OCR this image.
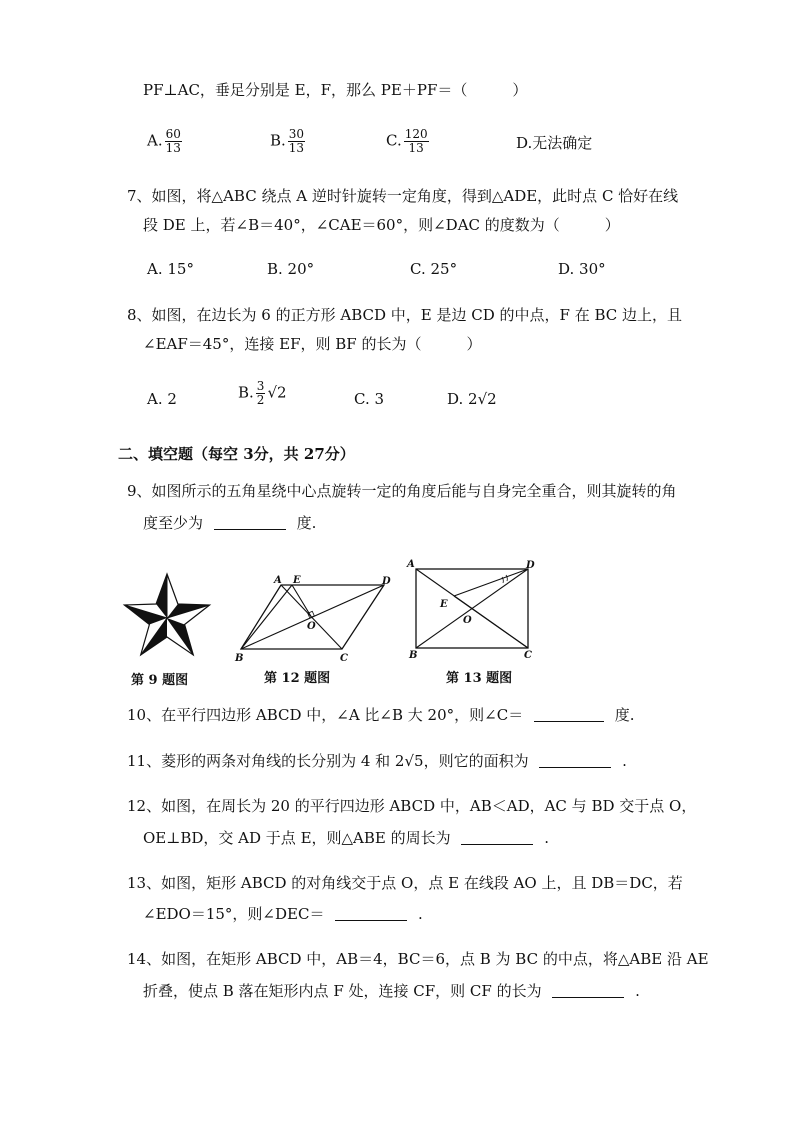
PF⊥AC，垂足分别是 E，F，那么 PE＋PF＝（　　　）
A. $\frac{60}{13}$	B. $\frac{30}{13}$	C. $\frac{120}{13}$	D.无法确定
7、如图，将△ABC 绕点 A 逆时针旋转一定角度，得到△ADE，此时点 C 恰好在线
段 DE 上，若∠B＝40°，∠CAE＝60°，则∠DAC 的度数为（　　　）
A. 15°	B. 20°	C. 25°	D. 30°
8、如图，在边长为 6 的正方形 ABCD 中，E 是边 CD 的中点，F 在 BC 边上，且
∠EAF＝45°，连接 EF，则 BF 的长为（　　　）
A. 2	B. $\frac{3}{2} √2$	C. 3	D. 2√2
二、填空题（每空 3分，共 27分）
9、如图所示的五角星绕中心点旋转一定的角度后能与自身完全重合，则其旋转的角
度至少为	度.
A E	D
O
B	C
A	D
E
O
B	C
第 9 题图	第 12 题图	第 13 题图
10、在平行四边形 ABCD 中，∠A 比∠B 大 20°，则∠C＝	度.
11、菱形的两条对角线的长分别为 4 和 2√5，则它的面积为	.
12、如图，在周长为 20 的平行四边形 ABCD 中，AB＜AD，AC 与 BD 交于点 O，
OE⊥BD，交 AD 于点 E，则△ABE 的周长为	.
13、如图，矩形 ABCD 的对角线交于点 O，点 E 在线段 AO 上，且 DB＝DC，若
∠EDO＝15°，则∠DEC＝	.
14、如图，在矩形 ABCD 中，AB＝4，BC＝6，点 B 为 BC 的中点，将△ABE 沿 AE
折叠，使点 B 落在矩形内点 F 处，连接 CF，则 CF 的长为	.
